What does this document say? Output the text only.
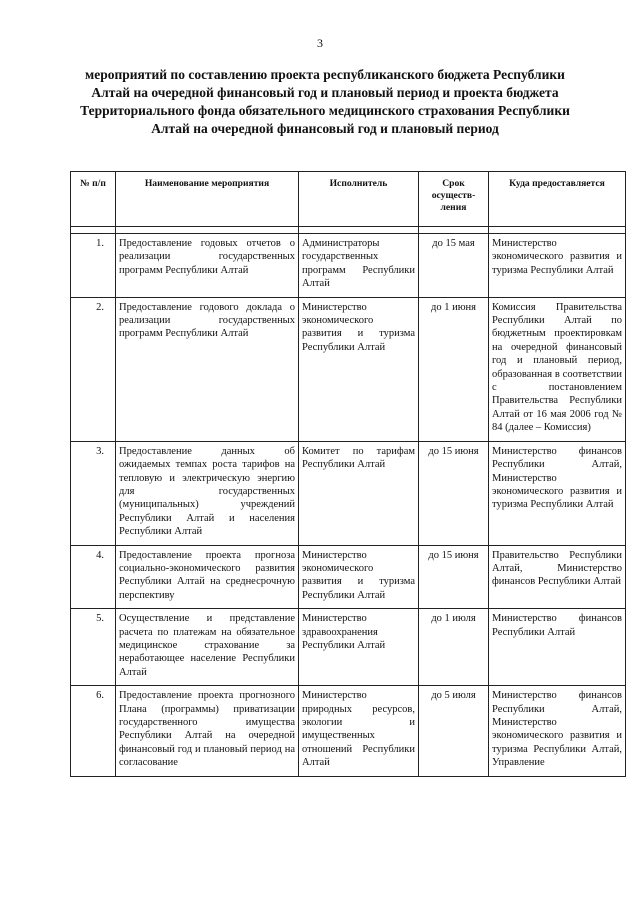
3
мероприятий по составлению проекта республиканского бюджета Республики Алтай на очередной финансовый год и плановый период и проекта бюджета Территориального фонда обязательного медицинского страхования Республики Алтай на очередной финансовый год и плановый период
№ п/п	Наименование мероприятия	Исполнитель	Срок осуществ-ления	Куда предоставляется

1.	Предоставление годовых отчетов о реализации государственных программ Республики Алтай	Администраторы государственных программ Республики Алтай	до 15 мая	Министерство экономического развития и туризма Республики Алтай
2.	Предоставление годового доклада о реализации государственных программ Республики Алтай	Министерство экономического развития и туризма Республики Алтай	до 1 июня	Комиссия Правительства Республики Алтай по бюджетным проектировкам на очередной финансовый год и плановый период, образованная в соответствии с постановлением Правительства Республики Алтай от 16 мая 2006 год № 84 (далее – Комиссия)
3.	Предоставление данных об ожидаемых темпах роста тарифов на тепловую и электрическую энергию для государственных (муниципальных) учреждений Республики Алтай и населения Республики Алтай	Комитет по тарифам Республики Алтай	до 15 июня	Министерство финансов Республики Алтай, Министерство экономического развития и туризма Республики Алтай
4.	Предоставление проекта прогноза социально-экономического развития Республики Алтай на среднесрочную перспективу	Министерство экономического развития и туризма Республики Алтай	до 15 июня	Правительство Республики Алтай, Министерство финансов Республики Алтай
5.	Осуществление и представление расчета по платежам на обязательное медицинское страхование за неработающее население Республики Алтай	Министерство здравоохранения Республики Алтай	до 1 июля	Министерство финансов Республики Алтай
6.	Предоставление проекта прогнозного Плана (программы) приватизации государственного имущества Республики Алтай на очередной финансовый год и плановый период на согласование	Министерство природных ресурсов, экологии и имущественных отношений Республики Алтай	до 5 июля	Министерство финансов Республики Алтай, Министерство экономического развития и туризма Республики Алтай, Управление
